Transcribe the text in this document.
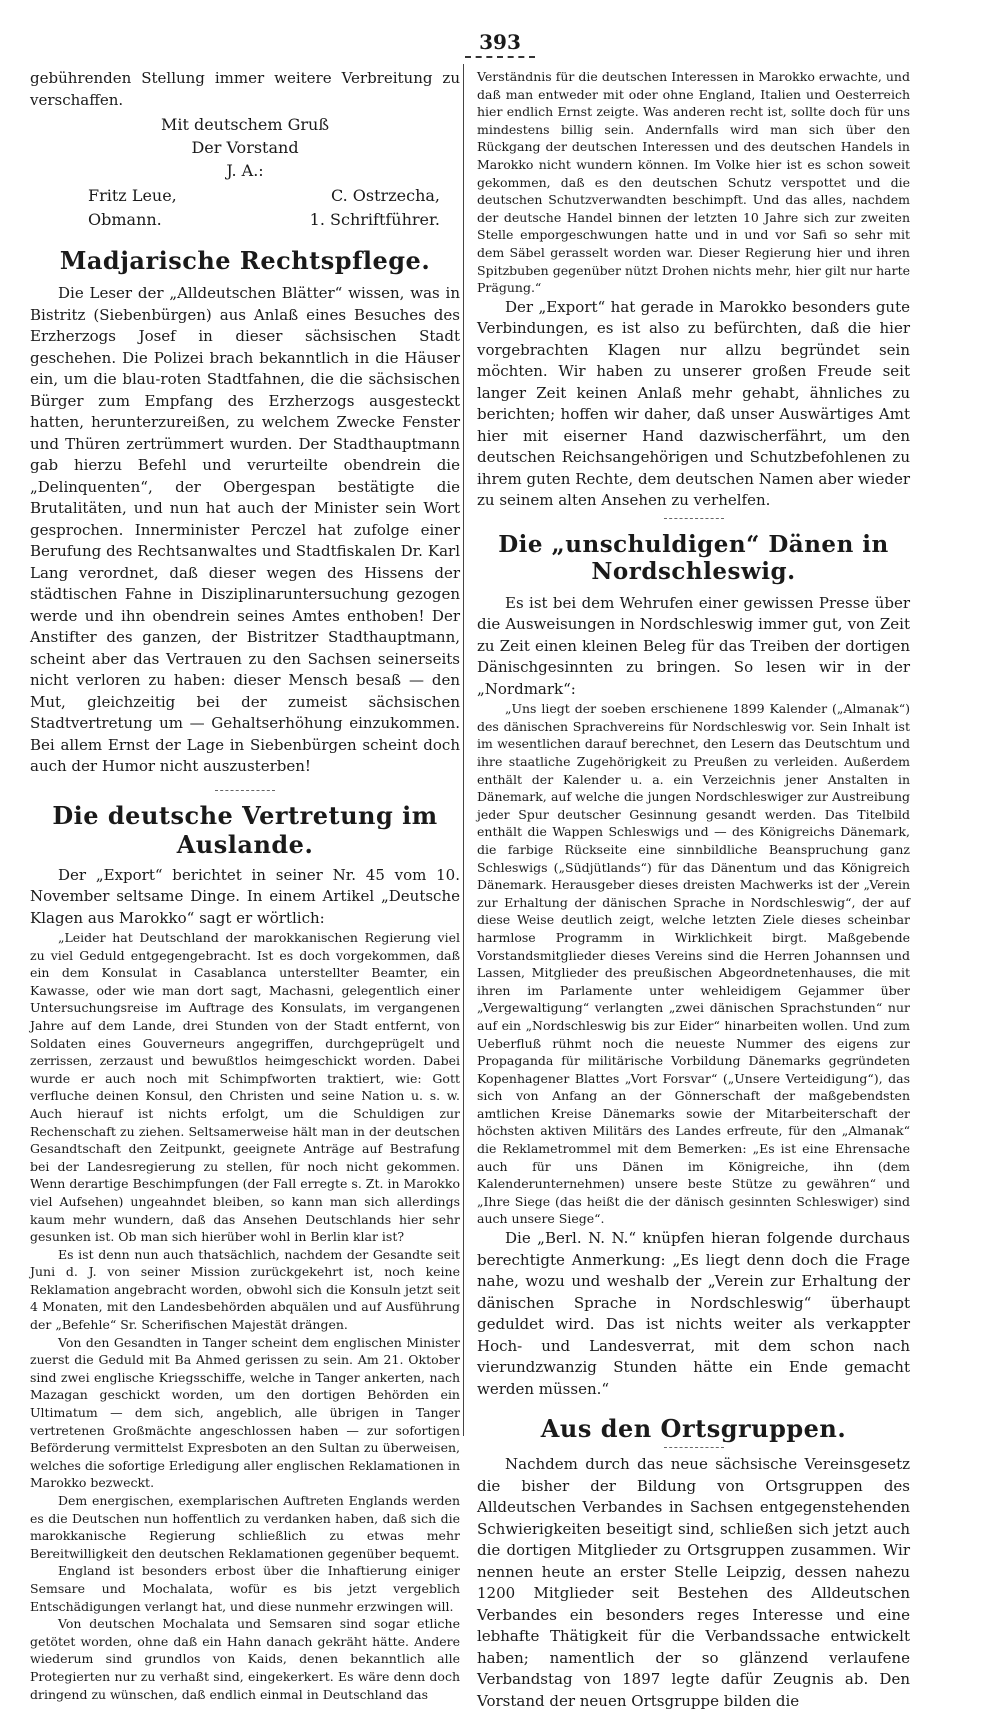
393

gebührenden Stellung immer weitere Verbreitung zu verschaffen.

Mit deutschem Gruß
Der Vorstand
J. A.:
Fritz Leue,	C. Ostrzecha,
Obmann.	1. Schriftführer.
Madjarische Rechtspflege.

Die Leser der „Alldeutschen Blätter“ wissen, was in Bistritz (Siebenbürgen) aus Anlaß eines Besuches des Erzherzogs Josef in dieser sächsischen Stadt geschehen. Die Polizei brach bekanntlich in die Häuser ein, um die blau-roten Stadtfahnen, die die sächsischen Bürger zum Empfang des Erzherzogs ausgesteckt hatten, herunterzureißen, zu welchem Zwecke Fenster und Thüren zertrümmert wurden. Der Stadthauptmann gab hierzu Befehl und verurteilte obendrein die „Delinquenten“, der Obergespan bestätigte die Brutalitäten, und nun hat auch der Minister sein Wort gesprochen. Innerminister Perczel hat zufolge einer Berufung des Rechtsanwaltes und Stadtfiskalen Dr. Karl Lang verordnet, daß dieser wegen des Hissens der städtischen Fahne in Disziplinaruntersuchung gezogen werde und ihn obendrein seines Amtes enthoben! Der Anstifter des ganzen, der Bistritzer Stadthauptmann, scheint aber das Vertrauen zu den Sachsen seinerseits nicht verloren zu haben: dieser Mensch besaß — den Mut, gleichzeitig bei der zumeist sächsischen Stadtvertretung um — Gehaltserhöhung einzukommen. Bei allem Ernst der Lage in Siebenbürgen scheint doch auch der Humor nicht auszusterben!

Die deutsche Vertretung im Auslande.

Der „Export“ berichtet in seiner Nr. 45 vom 10. November seltsame Dinge. In einem Artikel „Deutsche Klagen aus Marokko“ sagt er wörtlich:

„Leider hat Deutschland der marokkanischen Regierung viel zu viel Geduld entgegengebracht. Ist es doch vorgekommen, daß ein dem Konsulat in Casablanca unterstellter Beamter, ein Kawasse, oder wie man dort sagt, Machasni, gelegentlich einer Untersuchungsreise im Auftrage des Konsulats, im vergangenen Jahre auf dem Lande, drei Stunden von der Stadt entfernt, von Soldaten eines Gouverneurs angegriffen, durchgeprügelt und zerrissen, zerzaust und bewußtlos heimgeschickt worden. Dabei wurde er auch noch mit Schimpfworten traktiert, wie: Gott verfluche deinen Konsul, den Christen und seine Nation u. s. w. Auch hierauf ist nichts erfolgt, um die Schuldigen zur Rechenschaft zu ziehen. Seltsamerweise hält man in der deutschen Gesandtschaft den Zeitpunkt, geeignete Anträge auf Bestrafung bei der Landesregierung zu stellen, für noch nicht gekommen. Wenn derartige Beschimpfungen (der Fall erregte s. Zt. in Marokko viel Aufsehen) ungeahndet bleiben, so kann man sich allerdings kaum mehr wundern, daß das Ansehen Deutschlands hier sehr gesunken ist. Ob man sich hierüber wohl in Berlin klar ist?

Es ist denn nun auch thatsächlich, nachdem der Gesandte seit Juni d. J. von seiner Mission zurückgekehrt ist, noch keine Reklamation angebracht worden, obwohl sich die Konsuln jetzt seit 4 Monaten, mit den Landesbehörden abquälen und auf Ausführung der „Befehle“ Sr. Scherifischen Majestät drängen.

Von den Gesandten in Tanger scheint dem englischen Minister zuerst die Geduld mit Ba Ahmed gerissen zu sein. Am 21. Oktober sind zwei englische Kriegsschiffe, welche in Tanger ankerten, nach Mazagan geschickt worden, um den dortigen Behörden ein Ultimatum — dem sich, angeblich, alle übrigen in Tanger vertretenen Großmächte angeschlossen haben — zur sofortigen Beförderung vermittelst Expresboten an den Sultan zu überweisen, welches die sofortige Erledigung aller englischen Reklamationen in Marokko bezweckt.

Dem energischen, exemplarischen Auftreten Englands werden es die Deutschen nun hoffentlich zu verdanken haben, daß sich die marokkanische Regierung schließlich zu etwas mehr Bereitwilligkeit den deutschen Reklamationen gegenüber bequemt.

England ist besonders erbost über die Inhaftierung einiger Semsare und Mochalata, wofür es bis jetzt vergeblich Entschädigungen verlangt hat, und diese nunmehr erzwingen will.

Von deutschen Mochalata und Semsaren sind sogar etliche getötet worden, ohne daß ein Hahn danach gekräht hätte. Andere wiederum sind grundlos von Kaids, denen bekanntlich alle Protegierten nur zu verhaßt sind, eingekerkert. Es wäre denn doch dringend zu wünschen, daß endlich einmal in Deutschland das

Verständnis für die deutschen Interessen in Marokko erwachte, und daß man entweder mit oder ohne England, Italien und Oesterreich hier endlich Ernst zeigte. Was anderen recht ist, sollte doch für uns mindestens billig sein. Andernfalls wird man sich über den Rückgang der deutschen Interessen und des deutschen Handels in Marokko nicht wundern können. Im Volke hier ist es schon soweit gekommen, daß es den deutschen Schutz verspottet und die deutschen Schutzverwandten beschimpft. Und das alles, nachdem der deutsche Handel binnen der letzten 10 Jahre sich zur zweiten Stelle emporgeschwungen hatte und in und vor Safi so sehr mit dem Säbel gerasselt worden war. Dieser Regierung hier und ihren Spitzbuben gegenüber nützt Drohen nichts mehr, hier gilt nur harte Prägung.“

Der „Export“ hat gerade in Marokko besonders gute Verbindungen, es ist also zu befürchten, daß die hier vorgebrachten Klagen nur allzu begründet sein möchten. Wir haben zu unserer großen Freude seit langer Zeit keinen Anlaß mehr gehabt, ähnliches zu berichten; hoffen wir daher, daß unser Auswärtiges Amt hier mit eiserner Hand dazwischerfährt, um den deutschen Reichsangehörigen und Schutzbefohlenen zu ihrem guten Rechte, dem deutschen Namen aber wieder zu seinem alten Ansehen zu verhelfen.

Die „unschuldigen“ Dänen in Nordschleswig.

Es ist bei dem Wehrufen einer gewissen Presse über die Ausweisungen in Nordschleswig immer gut, von Zeit zu Zeit einen kleinen Beleg für das Treiben der dortigen Dänischgesinnten zu bringen. So lesen wir in der „Nordmark“:

„Uns liegt der soeben erschienene 1899 Kalender („Almanak“) des dänischen Sprachvereins für Nordschleswig vor. Sein Inhalt ist im wesentlichen darauf berechnet, den Lesern das Deutschtum und ihre staatliche Zugehörigkeit zu Preußen zu verleiden. Außerdem enthält der Kalender u. a. ein Verzeichnis jener Anstalten in Dänemark, auf welche die jungen Nordschleswiger zur Austreibung jeder Spur deutscher Gesinnung gesandt werden. Das Titelbild enthält die Wappen Schleswigs und — des Königreichs Dänemark, die farbige Rückseite eine sinnbildliche Beanspruchung ganz Schleswigs („Südjütlands“) für das Dänentum und das Königreich Dänemark. Herausgeber dieses dreisten Machwerks ist der „Verein zur Erhaltung der dänischen Sprache in Nordschleswig“, der auf diese Weise deutlich zeigt, welche letzten Ziele dieses scheinbar harmlose Programm in Wirklichkeit birgt. Maßgebende Vorstandsmitglieder dieses Vereins sind die Herren Johannsen und Lassen, Mitglieder des preußischen Abgeordnetenhauses, die mit ihren im Parlamente unter wehleidigem Gejammer über „Vergewaltigung“ verlangten „zwei dänischen Sprachstunden“ nur auf ein „Nordschleswig bis zur Eider“ hinarbeiten wollen. Und zum Ueberfluß rühmt noch die neueste Nummer des eigens zur Propaganda für militärische Vorbildung Dänemarks gegründeten Kopenhagener Blattes „Vort Forsvar“ („Unsere Verteidigung“), das sich von Anfang an der Gönnerschaft der maßgebendsten amtlichen Kreise Dänemarks sowie der Mitarbeiterschaft der höchsten aktiven Militärs des Landes erfreute, für den „Almanak“ die Reklametrommel mit dem Bemerken: „Es ist eine Ehrensache auch für uns Dänen im Königreiche, ihn (dem Kalenderunternehmen) unsere beste Stütze zu gewähren“ und „Ihre Siege (das heißt die der dänisch gesinnten Schleswiger) sind auch unsere Siege“.

Die „Berl. N. N.“ knüpfen hieran folgende durchaus berechtigte Anmerkung: „Es liegt denn doch die Frage nahe, wozu und weshalb der „Verein zur Erhaltung der dänischen Sprache in Nordschleswig“ überhaupt geduldet wird. Das ist nichts weiter als verkappter Hoch- und Landesverrat, mit dem schon nach vierundzwanzig Stunden hätte ein Ende gemacht werden müssen.“

Aus den Ortsgruppen.

Nachdem durch das neue sächsische Vereinsgesetz die bisher der Bildung von Ortsgruppen des Alldeutschen Verbandes in Sachsen entgegenstehenden Schwierigkeiten beseitigt sind, schließen sich jetzt auch die dortigen Mitglieder zu Ortsgruppen zusammen. Wir nennen heute an erster Stelle Leipzig, dessen nahezu 1200 Mitglieder seit Bestehen des Alldeutschen Verbandes ein besonders reges Interesse und eine lebhafte Thätigkeit für die Verbandssache entwickelt haben; namentlich der so glänzend verlaufene Verbandstag von 1897 legte dafür Zeugnis ab. Den Vorstand der neuen Ortsgruppe bilden die
